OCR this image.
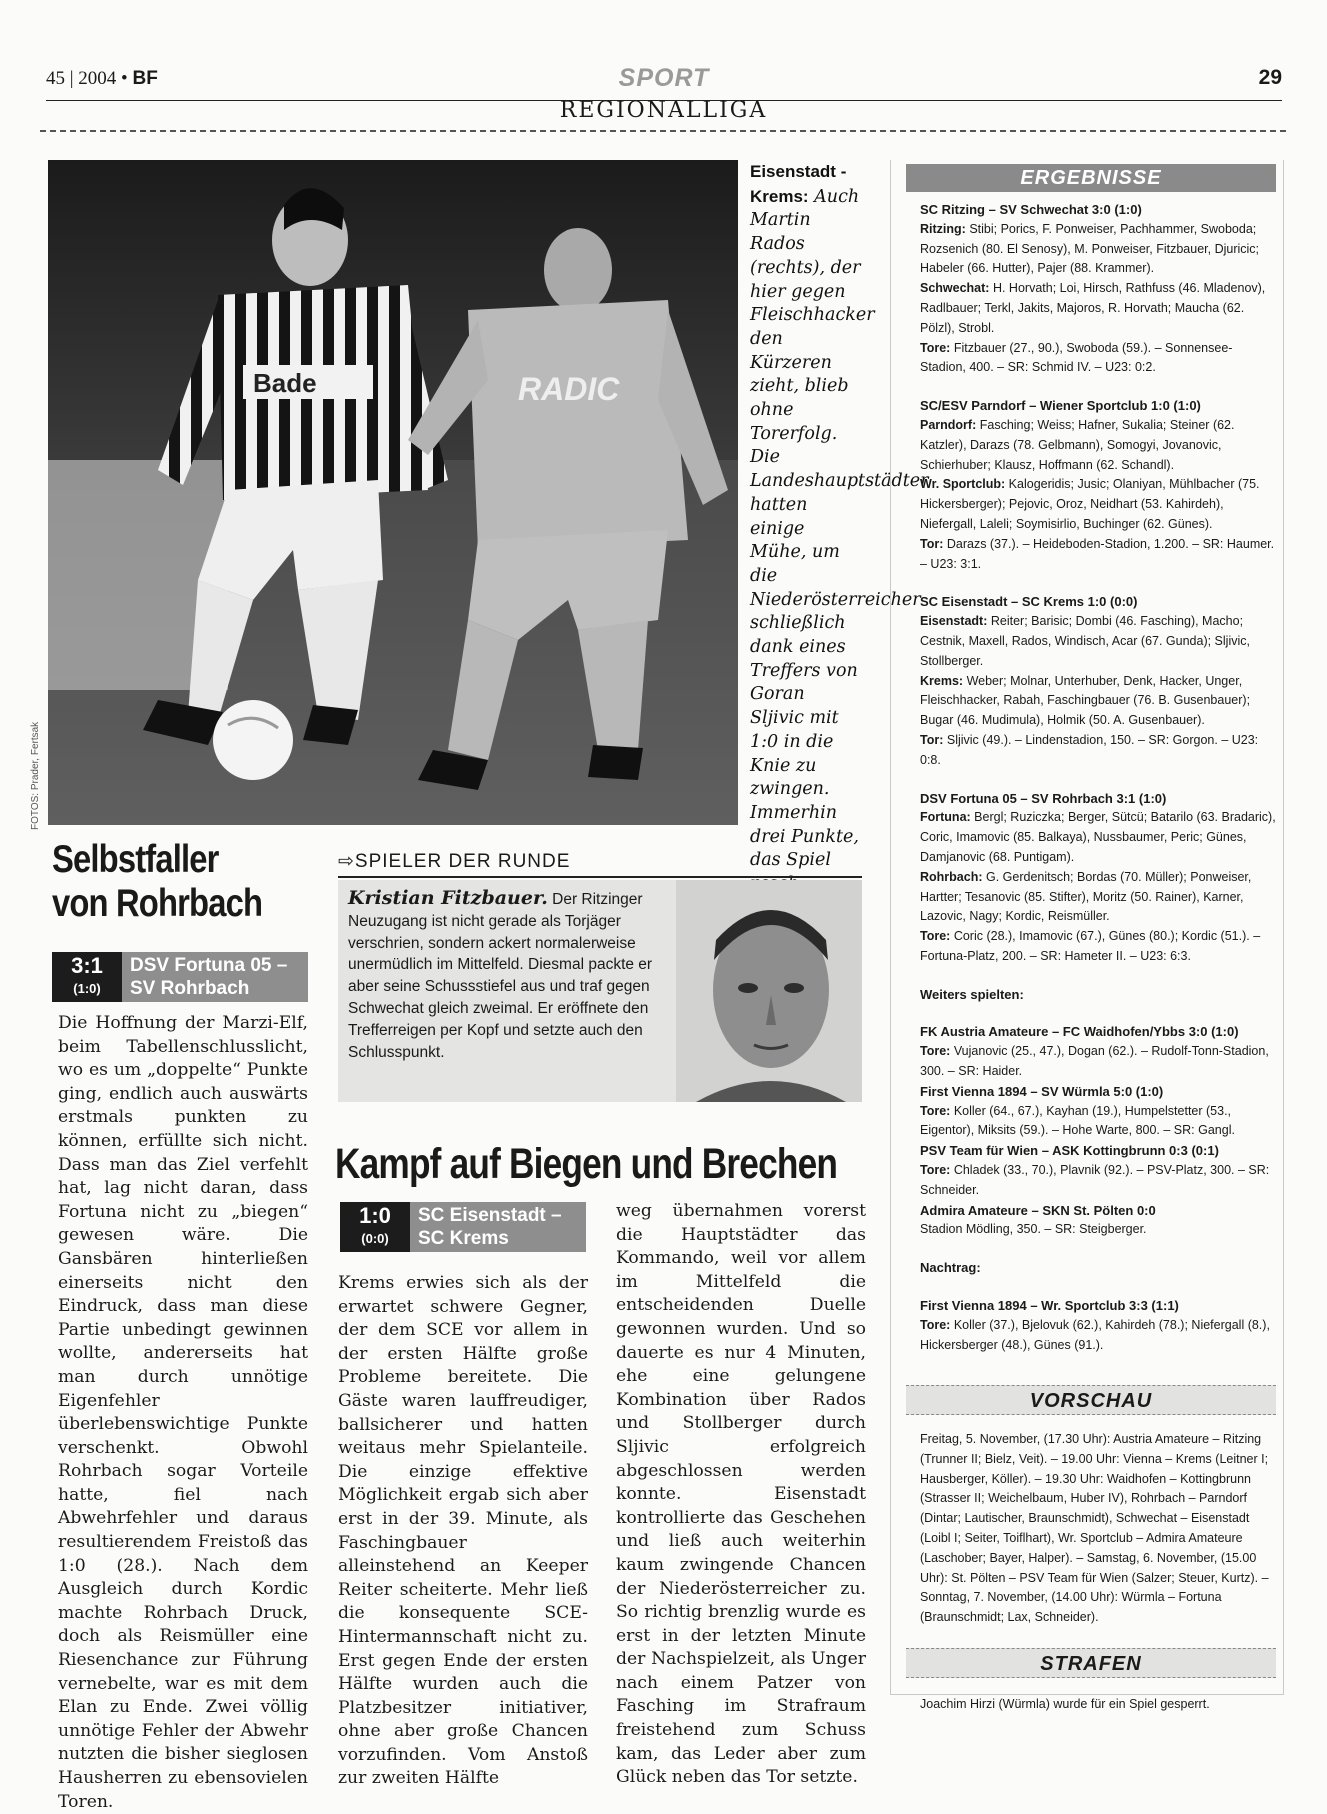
45 | 2004 • BF	SPORT	29
REGIONALLIGA
Bade	RADIC
FOTOS: Prader, Fertsak
Eisenstadt - Krems: Auch Martin Rados (rechts), der hier gegen Fleischhacker den Kürzeren zieht, blieb ohne Torerfolg. Die Landeshauptstädter hatten einige Mühe, um die Niederösterreicher schließlich dank eines Treffers von Goran Sljivic mit 1:0 in die Knie zu zwingen. Immerhin drei Punkte, das Spiel
Selbstfaller
von Rohrbach
3:1
(1:0)
DSV Fortuna 05 –
SV Rohrbach

Die Hoffnung der Marzi-Elf, beim Tabellenschlusslicht, wo es um „doppelte“ Punkte ging, endlich auch auswärts erstmals punkten zu können, erfüllte sich nicht. Dass man das Ziel verfehlt hat, lag nicht daran, dass Fortuna nicht zu „biegen“ gewesen wäre. Die Gansbären hinterließen einerseits nicht den Eindruck, dass man diese Partie unbedingt gewinnen wollte, andererseits hat man durch unnötige Eigenfehler überlebenswichtige Punkte verschenkt. Obwohl Rohrbach sogar Vorteile hatte, fiel nach Abwehrfehler und daraus resultierendem Freistoß das 1:0 (28.). Nach dem Ausgleich durch Kordic machte Rohrbach Druck, doch als Reismüller eine Riesenchance zur Führung vernebelte, war es mit dem Elan zu Ende. Zwei völlig unnötige Fehler der Abwehr nutzten die bisher sieglosen Hausherren zu ebensovielen Toren.

⇨SPIELER DER RUNDE
Kristian Fitzbauer. Der Ritzinger Neuzugang ist nicht gerade als Torjäger verschrien, sondern ackert normalerweise unermüdlich im Mittelfeld. Diesmal packte er aber seine Schussstiefel aus und traf gegen Schwechat gleich zweimal. Er eröffnete den Trefferreigen per Kopf und setzte auch den Schlusspunkt.
Kampf auf Biegen und Brechen
1:0
(0:0)
SC Eisenstadt –
SC Krems

Krems erwies sich als der erwartet schwere Gegner, der dem SCE vor allem in der ersten Hälfte große Probleme bereitete. Die Gäste waren lauffreudiger, ballsicherer und hatten weitaus mehr Spielanteile. Die einzige effektive Möglichkeit ergab sich aber erst in der 39. Minute, als Faschingbauer alleinstehend an Keeper Reiter scheiterte. Mehr ließ die konsequente SCE-Hintermannschaft nicht zu. Erst gegen Ende der ersten Hälfte wurden auch die Platzbesitzer initiativer, ohne aber große Chancen vorzufinden. Vom Anstoß zur zweiten Hälfte

weg übernahmen vorerst die Hauptstädter das Kommando, weil vor allem im Mittelfeld die entscheidenden Duelle gewonnen wurden. Und so dauerte es nur 4 Minuten, ehe eine gelungene Kombination über Rados und Stollberger durch Sljivic erfolgreich abgeschlossen werden konnte. Eisenstadt kontrollierte das Geschehen und ließ auch weiterhin kaum zwingende Chancen der Niederösterreicher zu. So richtig brenzlig wurde es erst in der letzten Minute der Nachspielzeit, als Unger nach einem Patzer von Fasching im Strafraum freistehend zum Schuss kam, das Leder aber zum Glück neben das Tor setzte.

ERGEBNISSE
SC Ritzing – SV Schwechat 3:0 (1:0)
Ritzing: Stibi; Porics, F. Ponweiser, Pachhammer, Swoboda; Rozsenich (80. El Senosy), M. Ponweiser, Fitzbauer, Djuricic; Habeler (66. Hutter), Pajer (88. Krammer).
Schwechat: H. Horvath; Loi, Hirsch, Rathfuss (46. Mladenov), Radlbauer; Terkl, Jakits, Majoros, R. Horvath; Maucha (62. Pölzl), Strobl.
Tore: Fitzbauer (27., 90.), Swoboda (59.). – Sonnensee-Stadion, 400. – SR: Schmid IV. – U23: 0:2.
SC/ESV Parndorf – Wiener Sportclub 1:0 (1:0)
Parndorf: Fasching; Weiss; Hafner, Sukalia; Steiner (62. Katzler), Darazs (78. Gelbmann), Somogyi, Jovanovic, Schierhuber; Klausz, Hoffmann (62. Schandl).
Wr. Sportclub: Kalogeridis; Jusic; Olaniyan, Mühlbacher (75. Hickersberger); Pejovic, Oroz, Neidhart (53. Kahirdeh), Niefergall, Laleli; Soymisirlio, Buchinger (62. Günes).
Tor: Darazs (37.). – Heideboden-Stadion, 1.200. – SR: Haumer. – U23: 3:1.
SC Eisenstadt – SC Krems 1:0 (0:0)
Eisenstadt: Reiter; Barisic; Dombi (46. Fasching), Macho; Cestnik, Maxell, Rados, Windisch, Acar (67. Gunda); Sljivic, Stollberger.
Krems: Weber; Molnar, Unterhuber, Denk, Hacker, Unger, Fleischhacker, Rabah, Faschingbauer (76. B. Gusenbauer); Bugar (46. Mudimula), Holmik (50. A. Gusenbauer).
Tor: Sljivic (49.). – Lindenstadion, 150. – SR: Gorgon. – U23: 0:8.
DSV Fortuna 05 – SV Rohrbach 3:1 (1:0)
Fortuna: Bergl; Ruziczka; Berger, Sütcü; Batarilo (63. Bradaric), Coric, Imamovic (85. Balkaya), Nussbaumer, Peric; Günes, Damjanovic (68. Puntigam).
Rohrbach: G. Gerdenitsch; Bordas (70. Müller); Ponweiser, Hartter; Tesanovic (85. Stifter), Moritz (50. Rainer), Karner, Lazovic, Nagy; Kordic, Reismüller.
Tore: Coric (28.), Imamovic (67.), Günes (80.); Kordic (51.). – Fortuna-Platz, 200. – SR: Hameter II. – U23: 6:3.
Weiters spielten:
FK Austria Amateure – FC Waidhofen/Ybbs 3:0 (1:0)
Tore: Vujanovic (25., 47.), Dogan (62.). – Rudolf-Tonn-Stadion, 300. – SR: Haider.
First Vienna 1894 – SV Würmla 5:0 (1:0)
Tore: Koller (64., 67.), Kayhan (19.), Humpelstetter (53., Eigentor), Miksits (59.). – Hohe Warte, 800. – SR: Gangl.
PSV Team für Wien – ASK Kottingbrunn 0:3 (0:1)
Tore: Chladek (33., 70.), Plavnik (92.). – PSV-Platz, 300. – SR: Schneider.
Admira Amateure – SKN St. Pölten 0:0
Stadion Mödling, 350. – SR: Steigberger.
Nachtrag:
First Vienna 1894 – Wr. Sportclub 3:3 (1:1)
Tore: Koller (37.), Bjelovuk (62.), Kahirdeh (78.); Niefergall (8.), Hickersberger (48.), Günes (91.).
VORSCHAU
Freitag, 5. November, (17.30 Uhr): Austria Amateure – Ritzing (Trunner II; Bielz, Veit). – 19.00 Uhr: Vienna – Krems (Leitner I; Hausberger, Köller). – 19.30 Uhr: Waidhofen – Kottingbrunn (Strasser II; Weichelbaum, Huber IV), Rohrbach – Parndorf (Dintar; Lautischer, Braunschmidt), Schwechat – Eisenstadt (Loibl I; Seiter, Toiflhart), Wr. Sportclub – Admira Amateure (Laschober; Bayer, Halper). – Samstag, 6. November, (15.00 Uhr): St. Pölten – PSV Team für Wien (Salzer; Steuer, Kurtz). – Sonntag, 7. November, (14.00 Uhr): Würmla – Fortuna (Braunschmidt; Lax, Schneider).
STRAFEN
Joachim Hirzi (Würmla) wurde für ein Spiel gesperrt.
